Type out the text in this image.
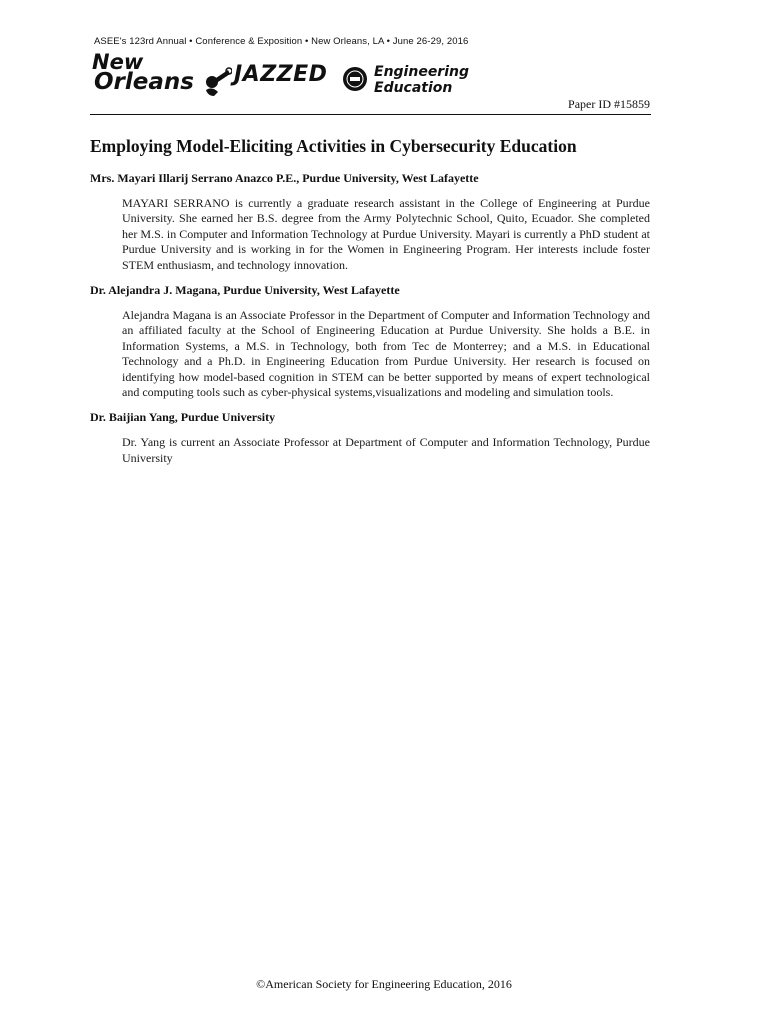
ASEE's 123rd Annual • Conference & Exposition • New Orleans, LA • June 26-29, 2016
New
Orleans	JAZZED	Engineering
Education
Paper ID #15859
Employing Model-Eliciting Activities in Cybersecurity Education
Mrs. Mayari Illarij Serrano Anazco P.E., Purdue University, West Lafayette
MAYARI SERRANO is currently a graduate research assistant in the College of Engineering at Purdue University. She earned her B.S. degree from the Army Polytechnic School, Quito, Ecuador. She completed her M.S. in Computer and Information Technology at Purdue University. Mayari is currently a PhD student at Purdue University and is working in for the Women in Engineering Program. Her interests include foster STEM enthusiasm, and technology innovation.
Dr. Alejandra J. Magana, Purdue University, West Lafayette
Alejandra Magana is an Associate Professor in the Department of Computer and Information Technology and an affiliated faculty at the School of Engineering Education at Purdue University. She holds a B.E. in Information Systems, a M.S. in Technology, both from Tec de Monterrey; and a M.S. in Educational Technology and a Ph.D. in Engineering Education from Purdue University. Her research is focused on identifying how model-based cognition in STEM can be better supported by means of expert technological and computing tools such as cyber-physical systems,visualizations and modeling and simulation tools.
Dr. Baijian Yang, Purdue University
Dr. Yang is current an Associate Professor at Department of Computer and Information Technology, Purdue University
©American Society for Engineering Education, 2016
